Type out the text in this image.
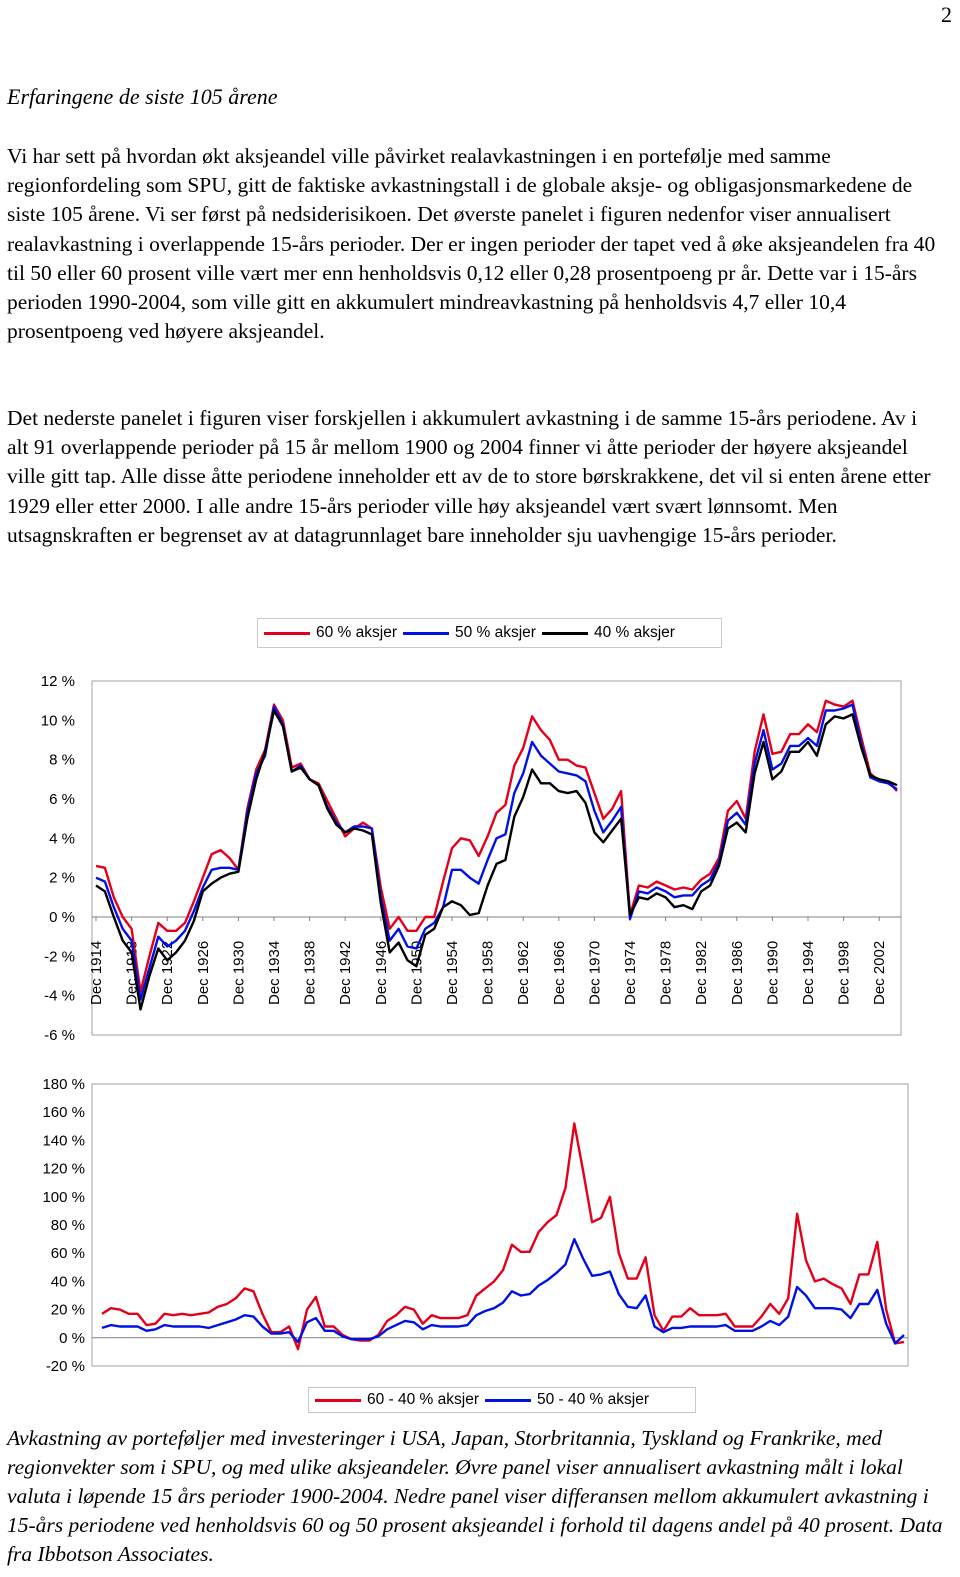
2
Erfaringene de siste 105 årene
Vi har sett på hvordan økt aksjeandel ville påvirket realavkastningen i en portefølje med samme regionfordeling som SPU, gitt de faktiske avkastningstall i de globale aksje- og obligasjonsmarkedene de siste 105 årene. Vi ser først på nedsiderisikoen. Det øverste panelet i figuren nedenfor viser annualisert realavkastning i overlappende 15-års perioder. Der er ingen perioder der tapet ved å øke aksjeandelen fra 40 til 50 eller 60 prosent ville vært mer enn henholdsvis 0,12 eller 0,28 prosentpoeng pr år. Dette var i 15-års perioden 1990-2004, som ville gitt en akkumulert mindreavkastning på henholdsvis 4,7 eller 10,4 prosentpoeng ved høyere aksjeandel.
Det nederste panelet i figuren viser forskjellen i akkumulert avkastning i de samme 15-års periodene. Av i alt 91 overlappende perioder på 15 år mellom 1900 og 2004 finner vi åtte perioder der høyere aksjeandel ville gitt tap. Alle disse åtte periodene inneholder ett av de to store børskrakkene, det vil si enten årene etter 1929 eller etter 2000. I alle andre 15-års perioder ville høy aksjeandel vært svært lønnsomt. Men utsagnskraften er begrenset av at datagrunnlaget bare inneholder sju uavhengige 15-års perioder.
60 % aksjer	50 % aksjer	40 % aksjer
12 %
10 %
8 %
6 %
4 %
2 %
0 %
-2 %
-4 %
-6 %
Dec 1914 Dec 1918 Dec 1922 Dec 1926 Dec 1930 Dec 1934 Dec 1938 Dec 1942 Dec 1946 Dec 1950 Dec 1954 Dec 1958 Dec 1962 Dec 1966 Dec 1970 Dec 1974 Dec 1978 Dec 1982 Dec 1986 Dec 1990 Dec 1994 Dec 1998 Dec 2002
180 %
160 %
140 %
120 %
100 %
80 %
60 %
40 %
20 %
0 %
-20 %
60 - 40 % aksjer	50 - 40 % aksjer
Avkastning av porteføljer med investeringer i USA, Japan, Storbritannia, Tyskland og Frankrike, med regionvekter som i SPU, og med ulike aksjeandeler. Øvre panel viser annualisert avkastning målt i lokal valuta i løpende 15 års perioder 1900-2004. Nedre panel viser differansen mellom akkumulert avkastning i 15-års periodene ved henholdsvis 60 og 50 prosent aksjeandel i forhold til dagens andel på 40 prosent. Data fra Ibbotson Associates.
